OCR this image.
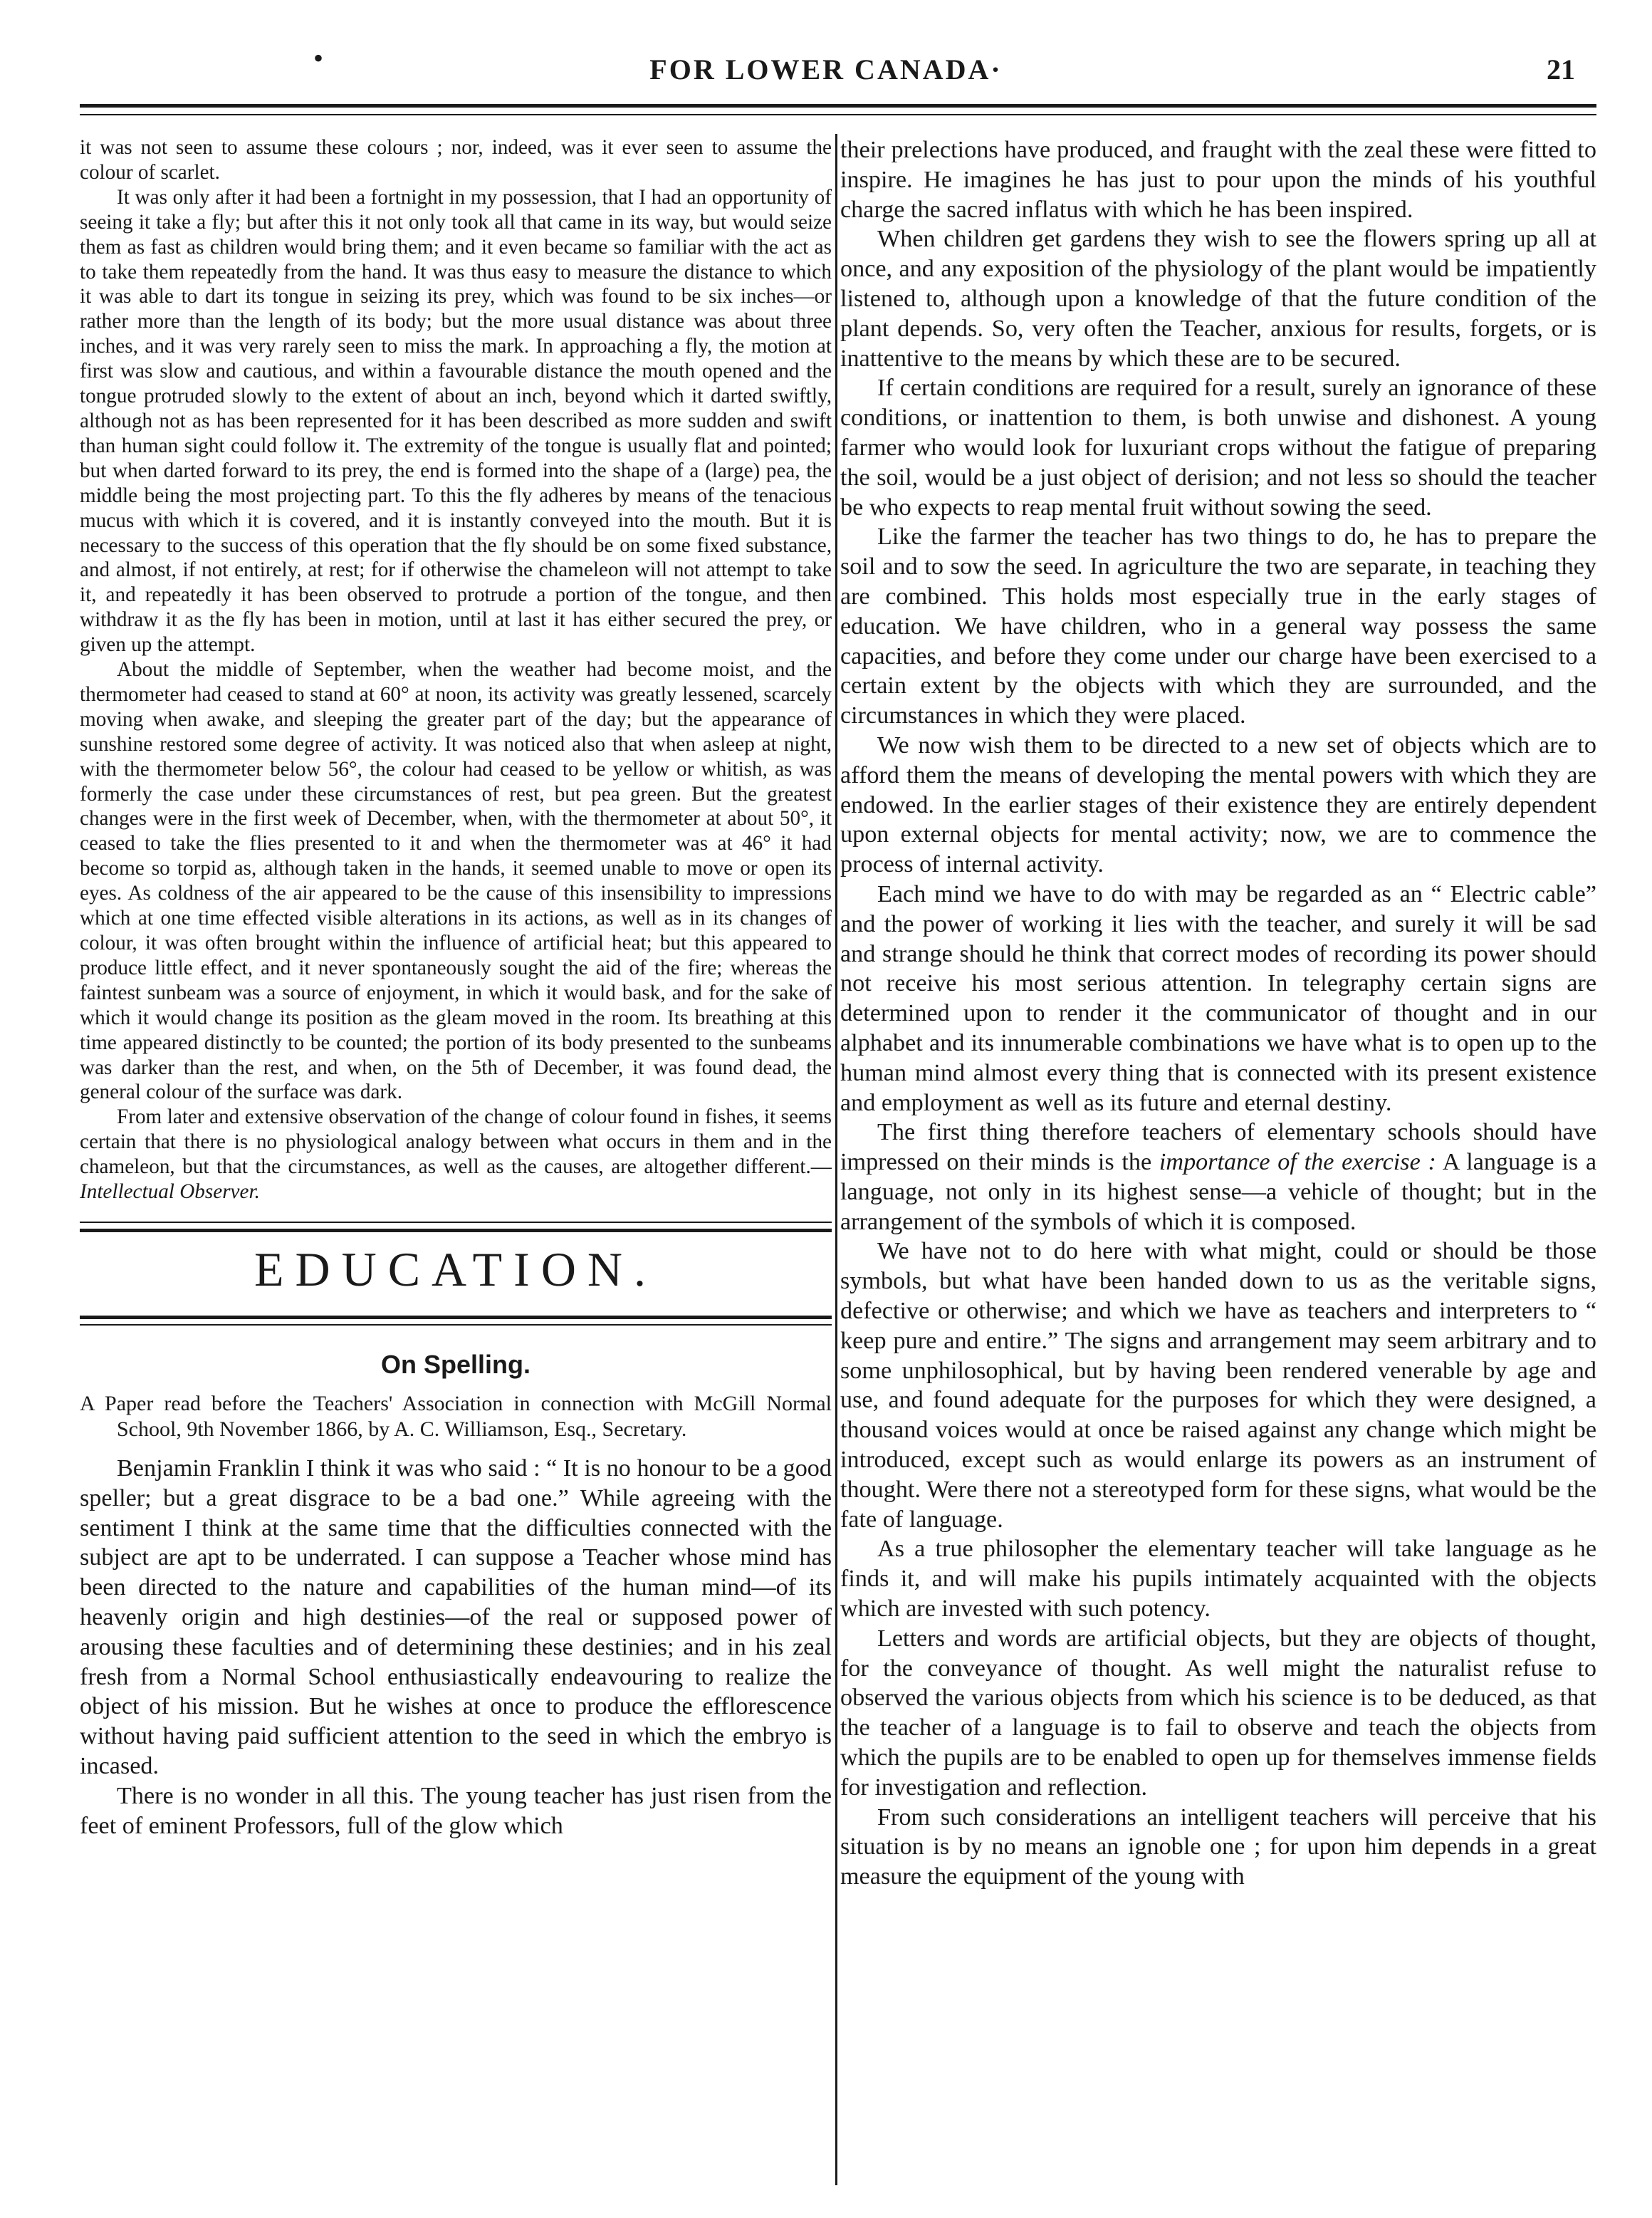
•	FOR LOWER CANADA·	21

it was not seen to assume these colours ; nor, indeed, was it ever seen to assume the colour of scarlet.

It was only after it had been a fortnight in my possession, that I had an opportunity of seeing it take a fly; but after this it not only took all that came in its way, but would seize them as fast as children would bring them; and it even became so familiar with the act as to take them repeatedly from the hand. It was thus easy to measure the distance to which it was able to dart its tongue in seizing its prey, which was found to be six inches—or rather more than the length of its body; but the more usual distance was about three inches, and it was very rarely seen to miss the mark. In approaching a fly, the motion at first was slow and cautious, and within a favourable distance the mouth opened and the tongue protruded slowly to the extent of about an inch, beyond which it darted swiftly, although not as has been represented for it has been described as more sudden and swift than human sight could follow it. The extremity of the tongue is usually flat and pointed; but when darted forward to its prey, the end is formed into the shape of a (large) pea, the middle being the most projecting part. To this the fly adheres by means of the tenacious mucus with which it is covered, and it is instantly conveyed into the mouth. But it is necessary to the success of this operation that the fly should be on some fixed substance, and almost, if not entirely, at rest; for if otherwise the chameleon will not attempt to take it, and repeatedly it has been observed to protrude a portion of the tongue, and then withdraw it as the fly has been in motion, until at last it has either secured the prey, or given up the attempt.

About the middle of September, when the weather had become moist, and the thermometer had ceased to stand at 60° at noon, its activity was greatly lessened, scarcely moving when awake, and sleeping the greater part of the day; but the appearance of sunshine restored some degree of activity. It was noticed also that when asleep at night, with the thermometer below 56°, the colour had ceased to be yellow or whitish, as was formerly the case under these circumstances of rest, but pea green. But the greatest changes were in the first week of December, when, with the thermometer at about 50°, it ceased to take the flies presented to it and when the thermometer was at 46° it had become so torpid as, although taken in the hands, it seemed unable to move or open its eyes. As coldness of the air appeared to be the cause of this insensibility to impressions which at one time effected visible alterations in its actions, as well as in its changes of colour, it was often brought within the influence of artificial heat; but this appeared to produce little effect, and it never spontaneously sought the aid of the fire; whereas the faintest sunbeam was a source of enjoyment, in which it would bask, and for the sake of which it would change its position as the gleam moved in the room. Its breathing at this time appeared distinctly to be counted; the portion of its body presented to the sunbeams was darker than the rest, and when, on the 5th of December, it was found dead, the general colour of the surface was dark.

From later and extensive observation of the change of colour found in fishes, it seems certain that there is no physiological analogy between what occurs in them and in the chameleon, but that the circumstances, as well as the causes, are altogether different.—Intellectual Observer.

EDUCATION.
On Spelling.
A Paper read before the Teachers' Association in connection with McGill Normal School, 9th November 1866, by A. C. Williamson, Esq., Secretary.

Benjamin Franklin I think it was who said : “ It is no honour to be a good speller; but a great disgrace to be a bad one.” While agreeing with the sentiment I think at the same time that the difficulties connected with the subject are apt to be underrated. I can suppose a Teacher whose mind has been directed to the nature and capabilities of the human mind—of its heavenly origin and high destinies—of the real or supposed power of arousing these faculties and of determining these destinies; and in his zeal fresh from a Normal School enthusiastically endeavouring to realize the object of his mission. But he wishes at once to produce the efflorescence without having paid sufficient attention to the seed in which the embryo is incased.

There is no wonder in all this. The young teacher has just risen from the feet of eminent Professors, full of the glow which

their prelections have produced, and fraught with the zeal these were fitted to inspire. He imagines he has just to pour upon the minds of his youthful charge the sacred inflatus with which he has been inspired.

When children get gardens they wish to see the flowers spring up all at once, and any exposition of the physiology of the plant would be impatiently listened to, although upon a knowledge of that the future condition of the plant depends. So, very often the Teacher, anxious for results, forgets, or is inattentive to the means by which these are to be secured.

If certain conditions are required for a result, surely an ignorance of these conditions, or inattention to them, is both unwise and dishonest. A young farmer who would look for luxuriant crops without the fatigue of preparing the soil, would be a just object of derision; and not less so should the teacher be who expects to reap mental fruit without sowing the seed.

Like the farmer the teacher has two things to do, he has to prepare the soil and to sow the seed. In agriculture the two are separate, in teaching they are combined. This holds most especially true in the early stages of education. We have children, who in a general way possess the same capacities, and before they come under our charge have been exercised to a certain extent by the objects with which they are surrounded, and the circumstances in which they were placed.

We now wish them to be directed to a new set of objects which are to afford them the means of developing the mental powers with which they are endowed. In the earlier stages of their existence they are entirely dependent upon external objects for mental activity; now, we are to commence the process of internal activity.

Each mind we have to do with may be regarded as an “ Electric cable” and the power of working it lies with the teacher, and surely it will be sad and strange should he think that correct modes of recording its power should not receive his most serious attention. In telegraphy certain signs are determined upon to render it the communicator of thought and in our alphabet and its innumerable combinations we have what is to open up to the human mind almost every thing that is connected with its present existence and employment as well as its future and eternal destiny.

The first thing therefore teachers of elementary schools should have impressed on their minds is the importance of the exercise : A language is a language, not only in its highest sense—a vehicle of thought; but in the arrangement of the symbols of which it is composed.

We have not to do here with what might, could or should be those symbols, but what have been handed down to us as the veritable signs, defective or otherwise; and which we have as teachers and interpreters to “ keep pure and entire.” The signs and arrangement may seem arbitrary and to some unphilosophical, but by having been rendered venerable by age and use, and found adequate for the purposes for which they were designed, a thousand voices would at once be raised against any change which might be introduced, except such as would enlarge its powers as an instrument of thought. Were there not a stereotyped form for these signs, what would be the fate of language.

As a true philosopher the elementary teacher will take language as he finds it, and will make his pupils intimately acquainted with the objects which are invested with such potency.

Letters and words are artificial objects, but they are objects of thought, for the conveyance of thought. As well might the naturalist refuse to observed the various objects from which his science is to be deduced, as that the teacher of a language is to fail to observe and teach the objects from which the pupils are to be enabled to open up for themselves immense fields for investigation and reflection.

From such considerations an intelligent teachers will perceive that his situation is by no means an ignoble one ; for upon him depends in a great measure the equipment of the young with
